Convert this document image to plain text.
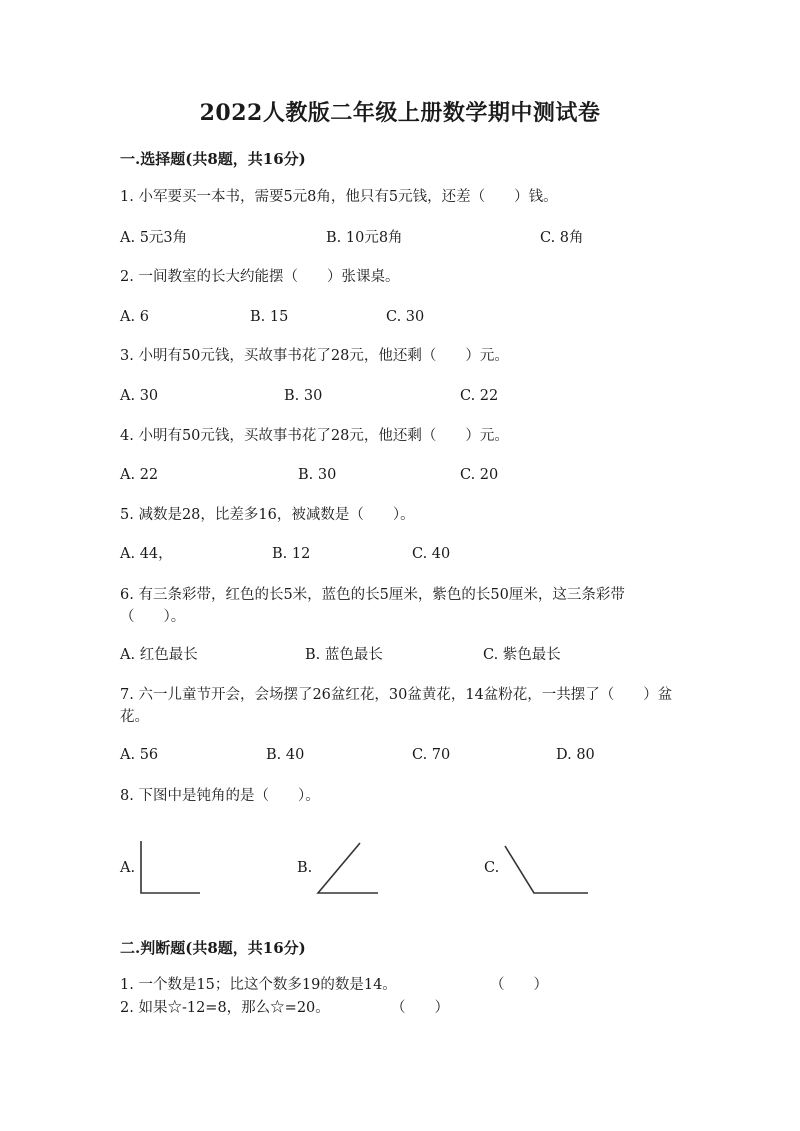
2022人教版二年级上册数学期中测试卷
一.选择题(共8题，共16分)
1. 小军要买一本书，需要5元8角，他只有5元钱，还差（　　）钱。
A. 5元3角	B. 10元8角	C. 8角
2. 一间教室的长大约能摆（　　）张课桌。
A. 6	B. 15	C. 30
3. 小明有50元钱，买故事书花了28元，他还剩（　　）元。
A. 30	B. 30	C. 22
4. 小明有50元钱，买故事书花了28元，他还剩（　　）元。
A. 22	B. 30	C. 20
5. 减数是28，比差多16，被减数是（　　）。
A. 44，	B. 12	C. 40
6. 有三条彩带，红色的长5米，蓝色的长5厘米，紫色的长50厘米，这三条彩带（　　）。
A. 红色最长	B. 蓝色最长	C. 紫色最长
7. 六一儿童节开会，会场摆了26盆红花，30盆黄花，14盆粉花，一共摆了（　　）盆花。
A. 56	B. 40	C. 70	D. 80
8. 下图中是钝角的是（　　）。
A.	B.	C.
二.判断题(共8题，共16分)
1. 一个数是15；比这个数多19的数是14。	（　　）
2. 如果☆-12=8，那么☆=20。	（　　）
